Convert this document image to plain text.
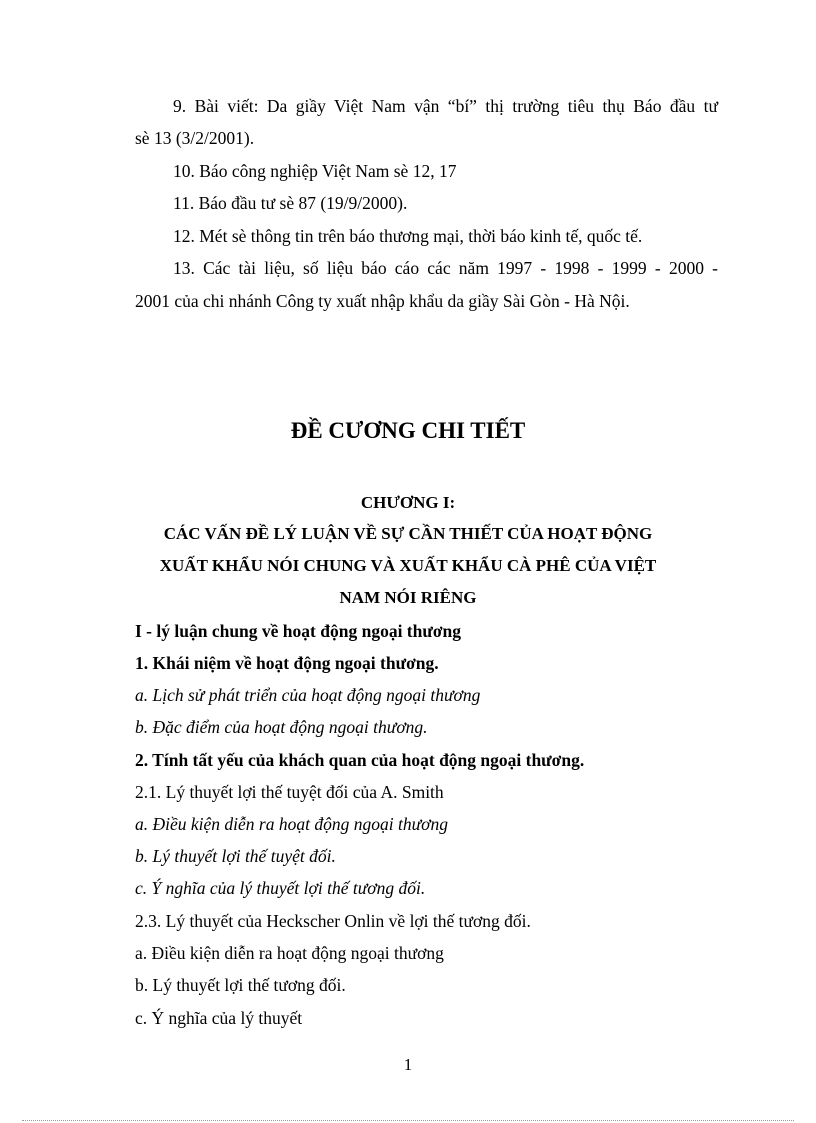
9. Bài viết: Da giầy Việt Nam vận “bí” thị trường tiêu thụ Báo đầu tư

sè 13 (3/2/2001).

10. Báo công nghiệp Việt Nam sè 12, 17

11. Báo đầu tư sè 87 (19/9/2000).

12. Mét sè thông tin trên báo thương mại, thời báo kinh tế, quốc tế.

13. Các tài liệu, số liệu báo cáo các năm 1997 - 1998 - 1999 - 2000 -

2001 của chi nhánh Công ty xuất nhập khẩu da giầy Sài Gòn - Hà Nội.

ĐỀ CƯƠNG CHI TIẾT
CHƯƠNG I:
CÁC VẤN ĐỀ LÝ LUẬN VỀ SỰ CẦN THIẾT CỦA HOẠT ĐỘNG
XUẤT KHẨU NÓI CHUNG VÀ XUẤT KHẨU CÀ PHÊ CỦA VIỆT
NAM NÓI RIÊNG

I - lý luận chung về hoạt động ngoại thương

1. Khái niệm về hoạt động ngoại thương.

a. Lịch sử phát triển của hoạt động ngoại thương

b. Đặc điểm của hoạt động ngoại thương.

2. Tính tất yếu của khách quan của hoạt động ngoại thương.

2.1. Lý thuyết lợi thế tuyệt đối của A. Smith

a. Điều kiện diễn ra hoạt động ngoại thương

b. Lý thuyết lợi thế tuyệt đối.

c. Ý nghĩa của lý thuyết lợi thế tương đối.

2.3. Lý thuyết của Heckscher Onlin về lợi thế tương đối.

a. Điều kiện diễn ra hoạt động ngoại thương

b. Lý thuyết lợi thế tương đối.

c. Ý nghĩa của lý thuyết

1
